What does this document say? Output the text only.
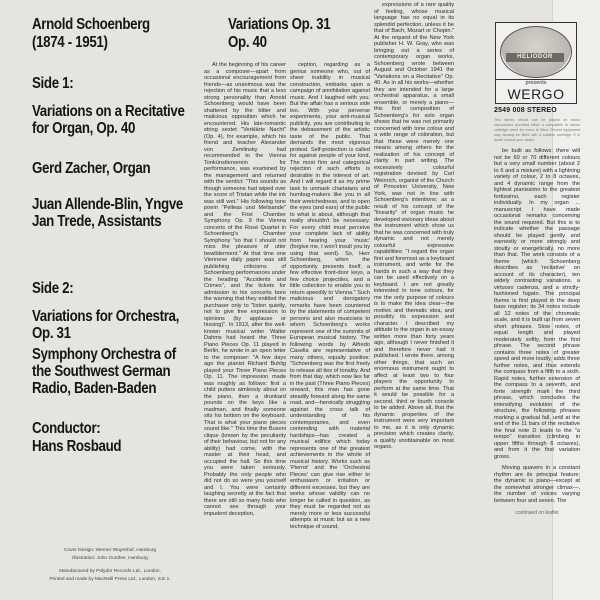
Arnold Schoenberg
(1874 - 1951)
Side 1:
Variations on a Recitative for Organ, Op. 40
Gerd Zacher, Organ
Juan Allende-Blin, Yngve Jan Trede, Assistants
Side 2:
Variations for Orchestra, Op. 31
Symphony Orchestra of the Southwest German Radio, Baden-Baden
Conductor:
Hans Rosbaud
Cover Design: Werner Wuysshof, Hamburg
Illustration: John Gunther, Hamburg
Manufactured by Polydor Records Ltd., London.
Printed and made by MacNeill Press Ltd., London, S.E.1.
Variations Op. 31
Op. 40

At the beginning of his career as a composer—apart from occasional encouragement from friends—as unanimous was the rejection of his music that a less strong personality than Arnold Schoenberg would have been shattered by the bitter and malicious opposition which he encountered. His late-romantic string sextet "Verklärte Nacht" (Op. 4), for example, which his friend and teacher Alexander von Zemlinsky had recommended to the Vienna Tonkünstlerverein for performance, was examined by the management and returned with the verdict: "This sounds as though someone had wiped over the score of Tristan while the ink was still wet." His following tone poem "Pelleas und Melisande" and the First Chamber Symphony Op. 9 the Vienna concerts of the Rosé Quartet in Schoenberg's Chamber Symphony "so that I should not miss the pleasure of utter bewilderment." At that time one Viennese daily paper was still publishing criticisms of Schoenberg performances under the heading "Accidents and Crimes", and the tickets for admission to his concerts bore the warning that they entitled the purchaser only to "listen quietly, not to give free expression to opinions (by applause or hissing)". In 1913, after the well-known musical writer Walter Dahms had heard the Three Piano Pieces Op. 11 played in Berlin, he wrote in an open letter to the composer: "A few days ago the pianist Richard Buhlig played your Three Piano Pieces Op. 11. The impression made was roughly as follows: first a child putters aimlessly about on the piano, then a drunkard pounds on the keys like a madman, and finally someone sits his bottom on the keyboard. That is what your piano pieces sound like." This time the Busoni clique (known by the peculiarity of their behaviour, but not for any ability) had come, with the master at their head, and occupied the hall. So this time you were taken seriously. Probably the only people who did not do so were you yourself and I. You were certainly laughing secretly at the fact that there are still so many fools who cannot see through your impudent deception,

ception, regarding as a genius someone who, out of sheer inability in musical construction, embarks upon a campaign of annihilation against music. And I laughed with you. But the affair has a serious side too. With your perverse experiments, your anti-musical publicity, you are contributing to the debasement of the artistic taste of the public. That demands the most vigorous protest. Self-protection is called for against people of your kind. The most firm and categorical rejection of such efforts is desirable in the interest of art. And I will regard it as my prime task to unmask charlatans and humbug-makers like you in all their wretchedness, and to open the eyes (and ears) of the public to what is about, although that really shouldn't be necessary. For every child must perceive your complete lack of ability from hearing your 'music' (forgive me, I won't insult you by using that word). So, Herr Schoenberg, when the opportunity presents itself, a few effective front-door keys, a few choice projectiles, and a little collection to enable you to return speedily to Vienna." Such malicious and derogatory remarks have been countered by the statements of competent persons and also musicians to whom Schoenberg's works represent one of the summits of European musical history. The following words by Alfredo Casella are representative of many others, equally positive: "Schoenberg was the first freely to release all ties of tonality. And from that day, which now lies far in the past (Three Piano Pieces) onward, this man has gone steadily forward along the same road, and—heroically struggling against the cross talk of understanding of his contemporaries, and even contending with material hardships—has created a musical edifice which today represents one of the greatest achievements in the whole of musical history. Works such as 'Pierrot' and the 'Orchestral Pieces' can give rise either to enthusiasm or irritation or different excesses, but they are works whose validity can no longer be called in question, as they must be regarded not as merely more or less successful attempts at music but as a new technique of sound,

expressions of a rare quality of feeling, whose musical language has no equal in its splendid perfection, unless it be that of Bach, Mozart or Chopin." At the request of the New York publisher H. W. Gray, who was bringing out a series of contemporary organ works, Schoenberg wrote between August and October 1941 the "Variations on a Recitative" Op. 40. As in all his works—whether they are intended for a large orchestral apparatus, a small ensemble, or merely a piano—this first composition of Schoenberg's for solo organ shows that he was not primarily concerned with tone colour and a wide range of coloration, but that these were merely one means among others for the realization of his concept of clarity in part writing. The excessively colourful registration devised by Carl Weinrich, organist of the Church of Princeton University, New York, was not in line with Schoenberg's intentions; as a result of his concept of the "linearity" of organ music he developed visionary ideas about the instrument which show us that he was concerned with truly dynamic and not merely colourful expressive capabilities: "I regard the organ first and foremost as a keyboard instrument, and write for the hands in such a way that they can be used effectively on a keyboard. I am not greatly interested in tone colours, for me the only purpose of colours is to make the idea clear—the motivic and thematic idea, and possibly its expression and character. I described my attitude to the organ in an essay written more than forty years ago, although I never finished it and therefore never had it published. I wrote there, among other things, that such an enormous instrument ought to affect at least two to four players the opportunity to perform at the same time. That it would be possible for a second, third or fourth console to be added. Above all, that the dynamic properties of the instrument were very important to me, as it is only dynamic precision which creates clarity, a quality unobtainable on most organs.

be built as follows: there will not be 60 or 70 different colours but a very small number (about 2 to 6 and a mixture) with a lightning variety of colour, 2 to 8 octaves, and 4 dynamic range from the lightest pianissimo to the greatest fortissimo, each register individually. In my organ ... manuscript I have made occasional remarks concerning the sound required. But this is to indicate whether the passage should be played gently and earnestly or more strongly and stoutly or energetically, no more than that. The work consists of a theme (which Schoenberg describes as 'recitative' on account of its character), ten widely contrasting variations, a virtuoso cadenza, and a strictly-fashioned fugato. The principal theme is first played in the deep bass register; its 34 notes include all 12 notes of the chromatic scale, and it is built up from seven short phrases. Slow notes, of equal length and played moderately softly, form the first phrase. The second phrase contains three notes of greater speed and more loudly, adds three further notes, and thus extends the compass from a fifth to a sixth. Rapid notes, further extension of the compass to a seventh, and forte strength mark the third phrase, which concludes the intensifying evolution of the structure, the following phrases marking a gradual fall, until at the end of the 11 bars of the recitative the final note D leads to the "a tempo" transition (climbing in upper fifths through 6 octaves), and from it the first variation grows.

Moving quavers in a constant rhythm are its principal feature; the dynamic is piano—except at the somewhat stronger climax—, the number of voices varying between four and seven. The

continued on leaflet
HELIODOR
presents
WERGO
2549 008 STEREO
This stereo record can be played on mono reproducers provided either a compatible or stereo cartridge wired for mono is fitted. Recent equipment may already be fitted with a suitable cartridge. If in doubt consult your dealer.
